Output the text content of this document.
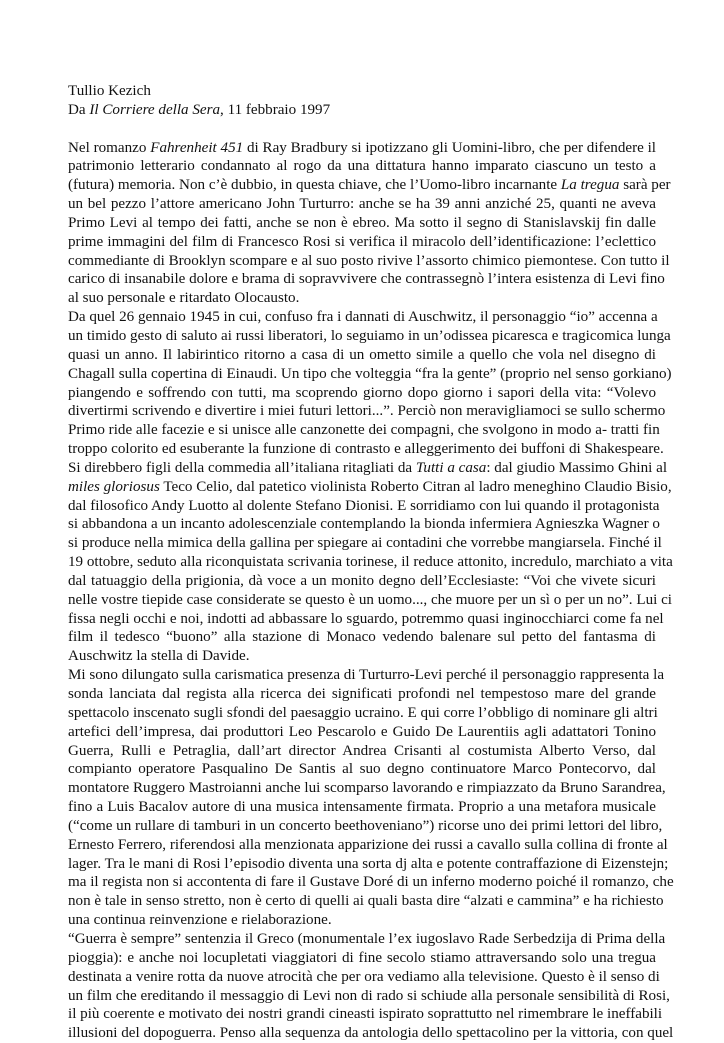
Tullio Kezich
Da Il Corriere della Sera, 11 febbraio 1997
Nel romanzo Fahrenheit 451 di Ray Bradbury si ipotizzano gli Uomini-libro, che per difendere il
patrimonio letterario condannato al rogo da una dittatura hanno imparato ciascuno un testo a
(futura) memoria. Non c’è dubbio, in questa chiave, che l’Uomo-libro incarnante La tregua sarà per
un bel pezzo l’attore americano John Turturro: anche se ha 39 anni anziché 25, quanti ne aveva
Primo Levi al tempo dei fatti, anche se non è ebreo. Ma sotto il segno di Stanislavskij fin dalle
prime immagini del film di Francesco Rosi si verifica il miracolo dell’identificazione: l’eclettico
commediante di Brooklyn scompare e al suo posto rivive l’assorto chimico piemontese. Con tutto il
carico di insanabile dolore e brama di sopravvivere che contrassegnò l’intera esistenza di Levi fino
al suo personale e ritardato Olocausto.
Da quel 26 gennaio 1945 in cui, confuso fra i dannati di Auschwitz, il personaggio “io” accenna a
un timido gesto di saluto ai russi liberatori, lo seguiamo in un’odissea picaresca e tragicomica lunga
quasi un anno. Il labirintico ritorno a casa di un ometto simile a quello che vola nel disegno di
Chagall sulla copertina di Einaudi. Un tipo che volteggia “fra la gente” (proprio nel senso gorkiano)
piangendo e soffrendo con tutti, ma scoprendo giorno dopo giorno i sapori della vita: “Volevo
divertirmi scrivendo e divertire i miei futuri lettori...”. Perciò non meravigliamoci se sullo schermo
Primo ride alle facezie e si unisce alle canzonette dei compagni, che svolgono in modo a- tratti fin
troppo colorito ed esuberante la funzione di contrasto e alleggerimento dei buffoni di Shakespeare.
Si direbbero figli della commedia all’italiana ritagliati da Tutti a casa: dal giudio Massimo Ghini al
miles gloriosus Teco Celio, dal patetico violinista Roberto Citran al ladro meneghino Claudio Bisio,
dal filosofico Andy Luotto al dolente Stefano Dionisi. E sorridiamo con lui quando il protagonista
si abbandona a un incanto adolescenziale contemplando la bionda infermiera Agnieszka Wagner o
si produce nella mimica della gallina per spiegare ai contadini che vorrebbe mangiarsela. Finché il
19 ottobre, seduto alla riconquistata scrivania torinese, il reduce attonito, incredulo, marchiato a vita
dal tatuaggio della prigionia, dà voce a un monito degno dell’Ecclesiaste: “Voi che vivete sicuri
nelle vostre tiepide case considerate se questo è un uomo..., che muore per un sì o per un no”. Lui ci
fissa negli occhi e noi, indotti ad abbassare lo sguardo, potremmo quasi inginocchiarci come fa nel
film il tedesco “buono” alla stazione di Monaco vedendo balenare sul petto del fantasma di
Auschwitz la stella di Davide.
Mi sono dilungato sulla carismatica presenza di Turturro-Levi perché il personaggio rappresenta la
sonda lanciata dal regista alla ricerca dei significati profondi nel tempestoso mare del grande
spettacolo inscenato sugli sfondi del paesaggio ucraino. E qui corre l’obbligo di nominare gli altri
artefici dell’impresa, dai produttori Leo Pescarolo e Guido De Laurentiis agli adattatori Tonino
Guerra, Rulli e Petraglia, dall’art director Andrea Crisanti al costumista Alberto Verso, dal
compianto operatore Pasqualino De Santis al suo degno continuatore Marco Pontecorvo, dal
montatore Ruggero Mastroianni anche lui scomparso lavorando e rimpiazzato da Bruno Sarandrea,
fino a Luis Bacalov autore di una musica intensamente firmata. Proprio a una metafora musicale
(“come un rullare di tamburi in un concerto beethoveniano”) ricorse uno dei primi lettori del libro,
Ernesto Ferrero, riferendosi alla menzionata apparizione dei russi a cavallo sulla collina di fronte al
lager. Tra le mani di Rosi l’episodio diventa una sorta dj alta e potente contraffazione di Eizenstejn;
ma il regista non si accontenta di fare il Gustave Doré di un inferno moderno poiché il romanzo, che
non è tale in senso stretto, non è certo di quelli ai quali basta dire “alzati e cammina” e ha richiesto
una continua reinvenzione e rielaborazione.
“Guerra è sempre” sentenzia il Greco (monumentale l’ex iugoslavo Rade Serbedzija di Prima della
pioggia): e anche noi locupletati viaggiatori di fine secolo stiamo attraversando solo una tregua
destinata a venire rotta da nuove atrocità che per ora vediamo alla televisione. Questo è il senso di
un film che ereditando il messaggio di Levi non di rado si schiude alla personale sensibilità di Rosi,
il più coerente e motivato dei nostri grandi cineasti ispirato soprattutto nel rimembrare le ineffabili
illusioni del dopoguerra. Penso alla sequenza da antologia dello spettacolino per la vittoria, con quel
